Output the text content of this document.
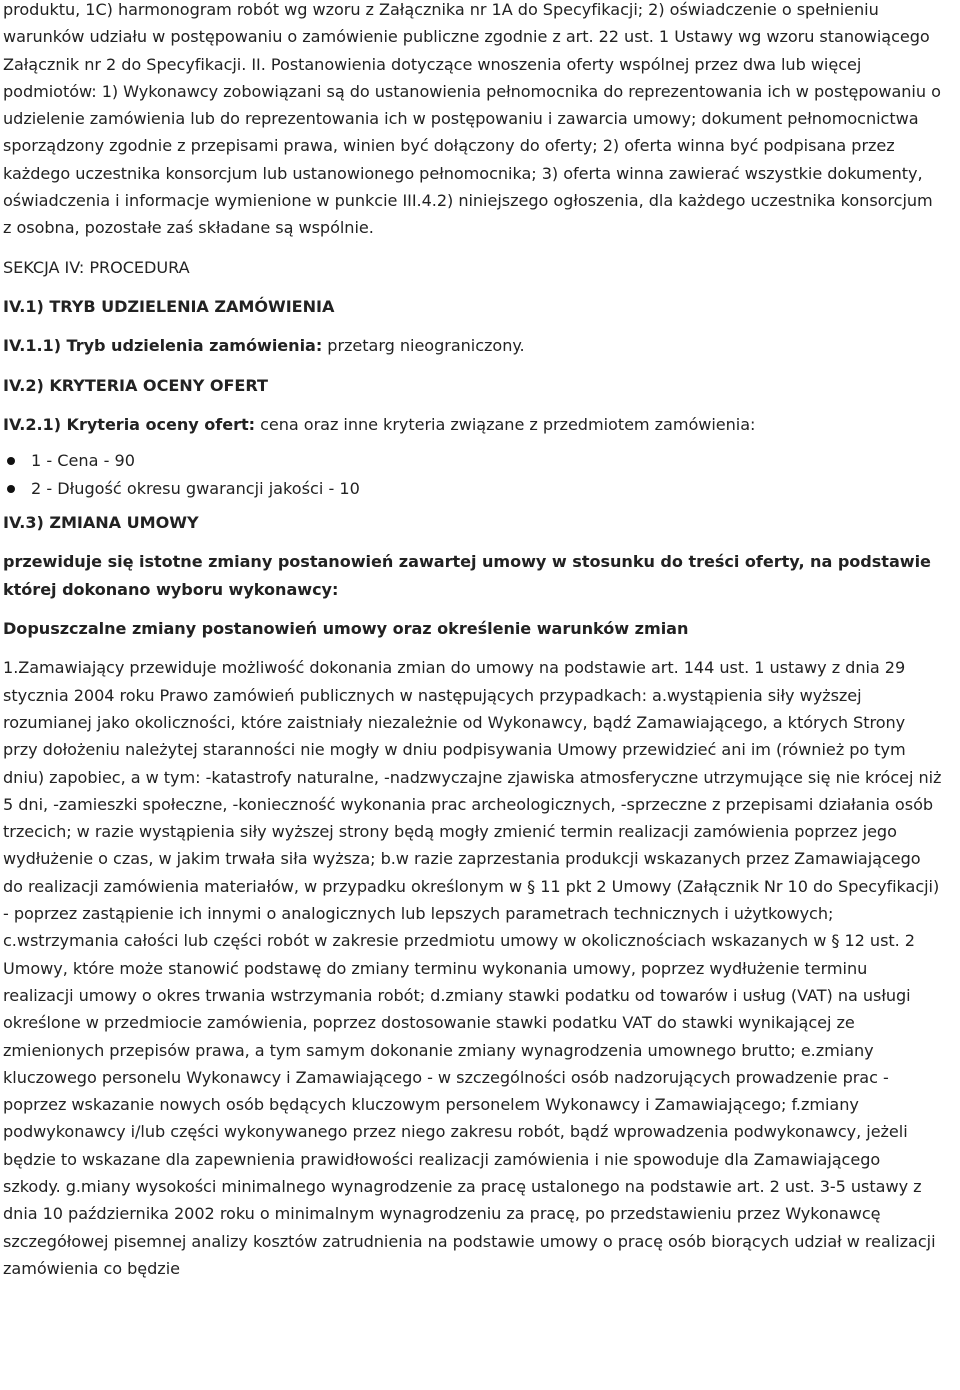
produktu, 1C) harmonogram robót wg wzoru z Załącznika nr 1A do Specyfikacji; 2) oświadczenie o spełnieniu warunków udziału w postępowaniu o zamówienie publiczne zgodnie z art. 22 ust. 1 Ustawy wg wzoru stanowiącego Załącznik nr 2 do Specyfikacji. II. Postanowienia dotyczące wnoszenia oferty wspólnej przez dwa lub więcej podmiotów: 1) Wykonawcy zobowiązani są do ustanowienia pełnomocnika do reprezentowania ich w postępowaniu o udzielenie zamówienia lub do reprezentowania ich w postępowaniu i zawarcia umowy; dokument pełnomocnictwa sporządzony zgodnie z przepisami prawa, winien być dołączony do oferty; 2) oferta winna być podpisana przez każdego uczestnika konsorcjum lub ustanowionego pełnomocnika; 3) oferta winna zawierać wszystkie dokumenty, oświadczenia i informacje wymienione w punkcie III.4.2) niniejszego ogłoszenia, dla każdego uczestnika konsorcjum z osobna, pozostałe zaś składane są wspólnie.

SEKCJA IV: PROCEDURA

IV.1) TRYB UDZIELENIA ZAMÓWIENIA

IV.1.1) Tryb udzielenia zamówienia: przetarg nieograniczony.

IV.2) KRYTERIA OCENY OFERT

IV.2.1) Kryteria oceny ofert: cena oraz inne kryteria związane z przedmiotem zamówienia:

1 - Cena - 90
2 - Długość okresu gwarancji jakości - 10

IV.3) ZMIANA UMOWY

przewiduje się istotne zmiany postanowień zawartej umowy w stosunku do treści oferty, na podstawie której dokonano wyboru wykonawcy:

Dopuszczalne zmiany postanowień umowy oraz określenie warunków zmian

1.Zamawiający przewiduje możliwość dokonania zmian do umowy na podstawie art. 144 ust. 1 ustawy z dnia 29 stycznia 2004 roku Prawo zamówień publicznych w następujących przypadkach: a.wystąpienia siły wyższej rozumianej jako okoliczności, które zaistniały niezależnie od Wykonawcy, bądź Zamawiającego, a których Strony przy dołożeniu należytej staranności nie mogły w dniu podpisywania Umowy przewidzieć ani im (również po tym dniu) zapobiec, a w tym: -katastrofy naturalne, -nadzwyczajne zjawiska atmosferyczne utrzymujące się nie krócej niż 5 dni, -zamieszki społeczne, -konieczność wykonania prac archeologicznych, -sprzeczne z przepisami działania osób trzecich; w razie wystąpienia siły wyższej strony będą mogły zmienić termin realizacji zamówienia poprzez jego wydłużenie o czas, w jakim trwała siła wyższa; b.w razie zaprzestania produkcji wskazanych przez Zamawiającego do realizacji zamówienia materiałów, w przypadku określonym w § 11 pkt 2 Umowy (Załącznik Nr 10 do Specyfikacji) - poprzez zastąpienie ich innymi o analogicznych lub lepszych parametrach technicznych i użytkowych; c.wstrzymania całości lub części robót w zakresie przedmiotu umowy w okolicznościach wskazanych w § 12 ust. 2 Umowy, które może stanowić podstawę do zmiany terminu wykonania umowy, poprzez wydłużenie terminu realizacji umowy o okres trwania wstrzymania robót; d.zmiany stawki podatku od towarów i usług (VAT) na usługi określone w przedmiocie zamówienia, poprzez dostosowanie stawki podatku VAT do stawki wynikającej ze zmienionych przepisów prawa, a tym samym dokonanie zmiany wynagrodzenia umownego brutto; e.zmiany kluczowego personelu Wykonawcy i Zamawiającego - w szczególności osób nadzorujących prowadzenie prac -poprzez wskazanie nowych osób będących kluczowym personelem Wykonawcy i Zamawiającego; f.zmiany podwykonawcy i/lub części wykonywanego przez niego zakresu robót, bądź wprowadzenia podwykonawcy, jeżeli będzie to wskazane dla zapewnienia prawidłowości realizacji zamówienia i nie spowoduje dla Zamawiającego szkody. g.miany wysokości minimalnego wynagrodzenie za pracę ustalonego na podstawie art. 2 ust. 3-5 ustawy z dnia 10 października 2002 roku o minimalnym wynagrodzeniu za pracę, po przedstawieniu przez Wykonawcę szczegółowej pisemnej analizy kosztów zatrudnienia na podstawie umowy o pracę osób biorących udział w realizacji zamówienia co będzie
